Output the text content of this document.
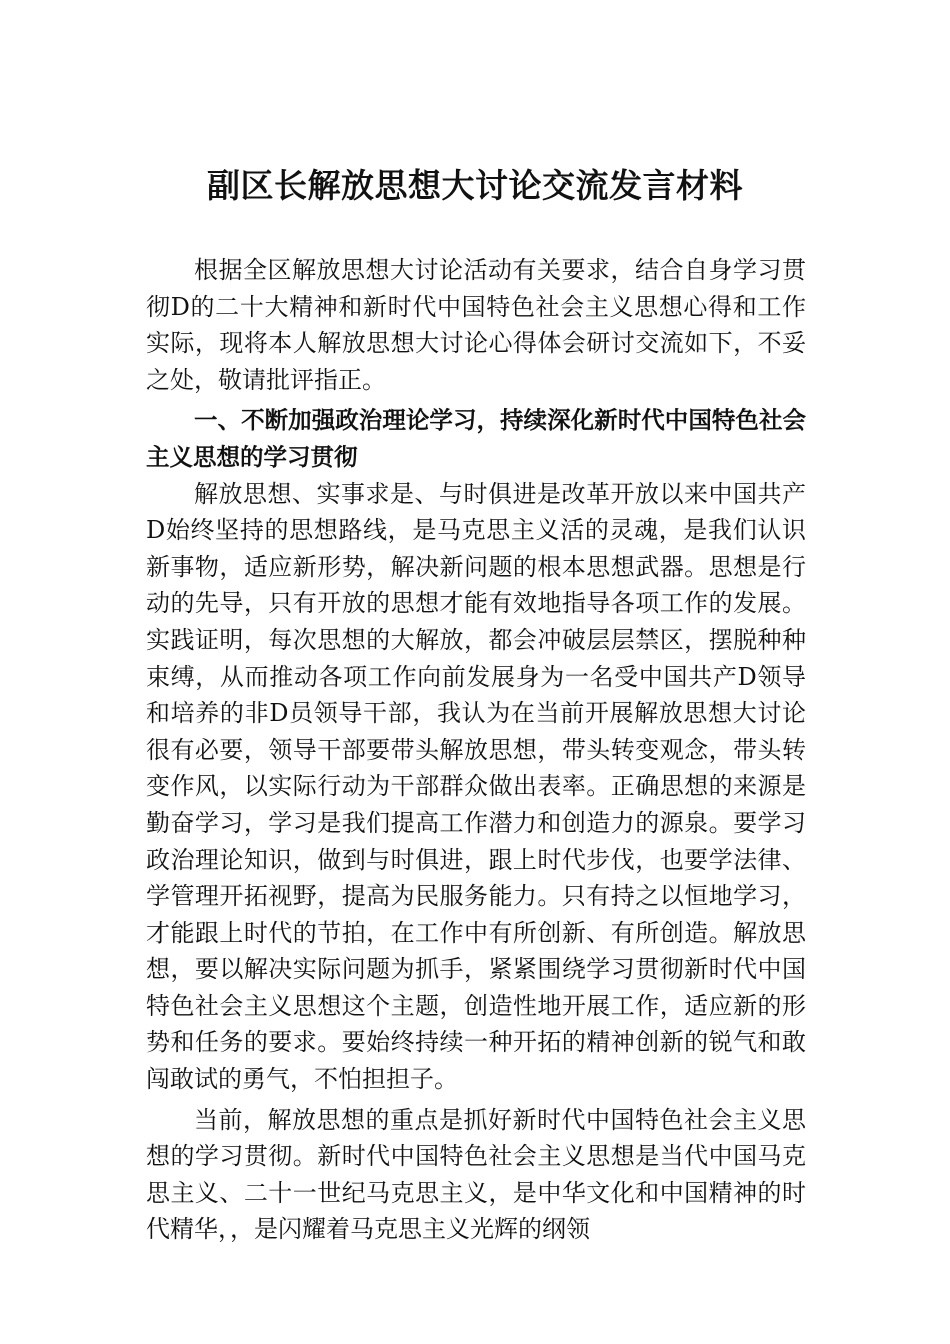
副区长解放思想大讨论交流发言材料

根据全区解放思想大讨论活动有关要求，结合自身学习贯彻D的二十大精神和新时代中国特色社会主义思想心得和工作实际，现将本人解放思想大讨论心得体会研讨交流如下，不妥之处，敬请批评指正。

一、不断加强政治理论学习，持续深化新时代中国特色社会主义思想的学习贯彻

解放思想、实事求是、与时俱进是改革开放以来中国共产D始终坚持的思想路线，是马克思主义活的灵魂，是我们认识新事物，适应新形势，解决新问题的根本思想武器。思想是行动的先导，只有开放的思想才能有效地指导各项工作的发展。实践证明，每次思想的大解放，都会冲破层层禁区，摆脱种种束缚，从而推动各项工作向前发展身为一名受中国共产D领导和培养的非D员领导干部，我认为在当前开展解放思想大讨论很有必要，领导干部要带头解放思想，带头转变观念，带头转变作风，以实际行动为干部群众做出表率。正确思想的来源是勤奋学习，学习是我们提高工作潜力和创造力的源泉。要学习政治理论知识，做到与时俱进，跟上时代步伐，也要学法律、学管理开拓视野，提高为民服务能力。只有持之以恒地学习，才能跟上时代的节拍，在工作中有所创新、有所创造。解放思想，要以解决实际问题为抓手，紧紧围绕学习贯彻新时代中国特色社会主义思想这个主题，创造性地开展工作，适应新的形势和任务的要求。要始终持续一种开拓的精神创新的锐气和敢闯敢试的勇气，不怕担担子。

当前，解放思想的重点是抓好新时代中国特色社会主义思想的学习贯彻。新时代中国特色社会主义思想是当代中国马克思主义、二十一世纪马克思主义，是中华文化和中国精神的时代精华，，是闪耀着马克思主义光辉的纲领
